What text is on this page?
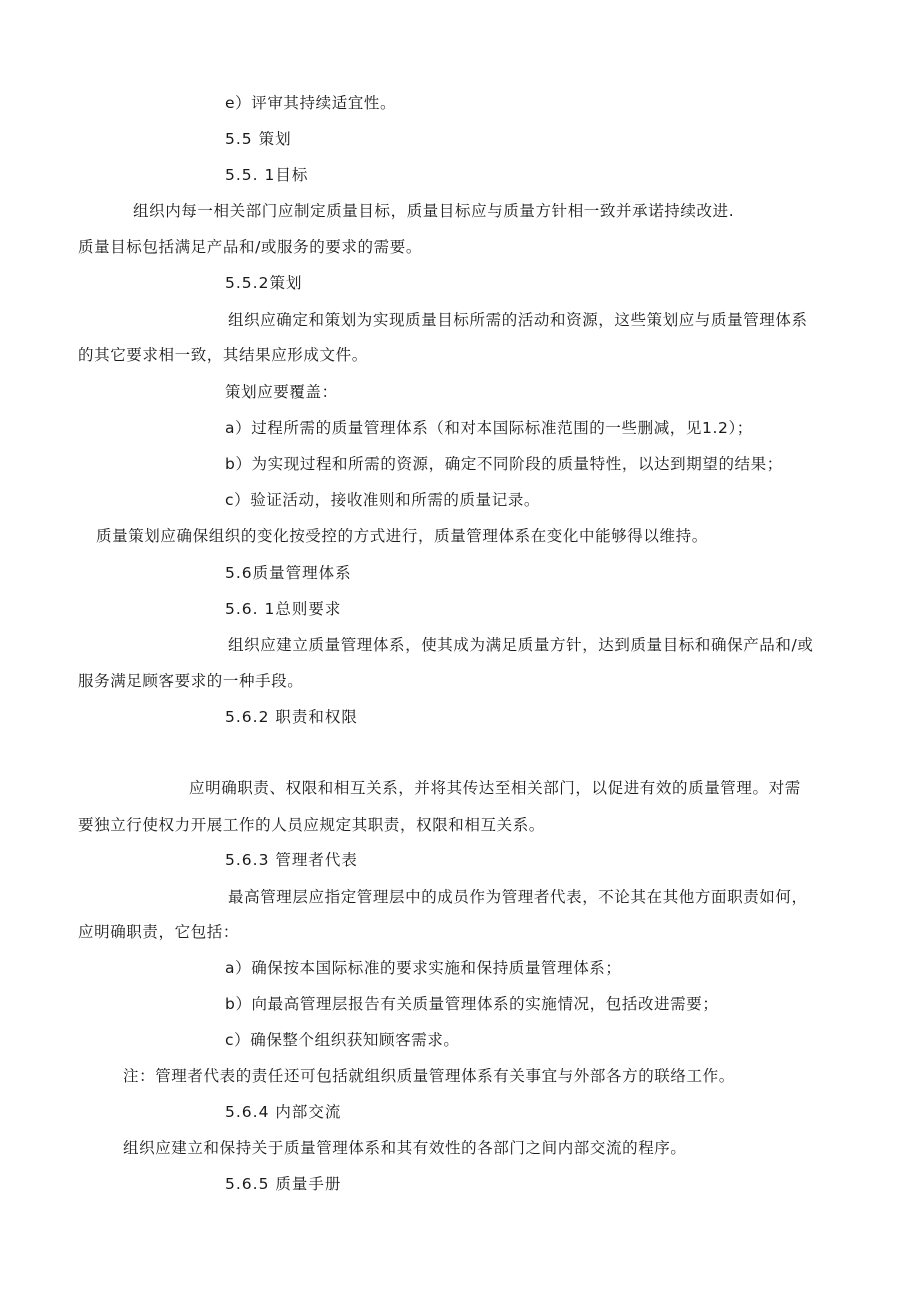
e）评审其持续适宜性。
5.5 策划
5.5. 1目标
组织内每一相关部门应制定质量目标，质量目标应与质量方针相一致并承诺持续改进.
质量目标包括满足产品和/或服务的要求的需要。
5.5.2策划
组织应确定和策划为实现质量目标所需的活动和资源，这些策划应与质量管理体系
的其它要求相一致，其结果应形成文件。
策划应要覆盖：
a）过程所需的质量管理体系（和对本国际标准范围的一些删减，见1.2）；
b）为实现过程和所需的资源，确定不同阶段的质量特性，以达到期望的结果；
c）验证活动，接收准则和所需的质量记录。
质量策划应确保组织的变化按受控的方式进行，质量管理体系在变化中能够得以维持。
5.6质量管理体系
5.6. 1总则要求
组织应建立质量管理体系，使其成为满足质量方针，达到质量目标和确保产品和/或
服务满足顾客要求的一种手段。
5.6.2 职责和权限
应明确职责、权限和相互关系，并将其传达至相关部门，以促进有效的质量管理。对需
要独立行使权力开展工作的人员应规定其职责，权限和相互关系。
5.6.3 管理者代表
最高管理层应指定管理层中的成员作为管理者代表，不论其在其他方面职责如何，
应明确职责，它包括：
a）确保按本国际标准的要求实施和保持质量管理体系；
b）向最高管理层报告有关质量管理体系的实施情况，包括改进需要；
c）确保整个组织获知顾客需求。
注：管理者代表的责任还可包括就组织质量管理体系有关事宜与外部各方的联络工作。
5.6.4 内部交流
组织应建立和保持关于质量管理体系和其有效性的各部门之间内部交流的程序。
5.6.5 质量手册
